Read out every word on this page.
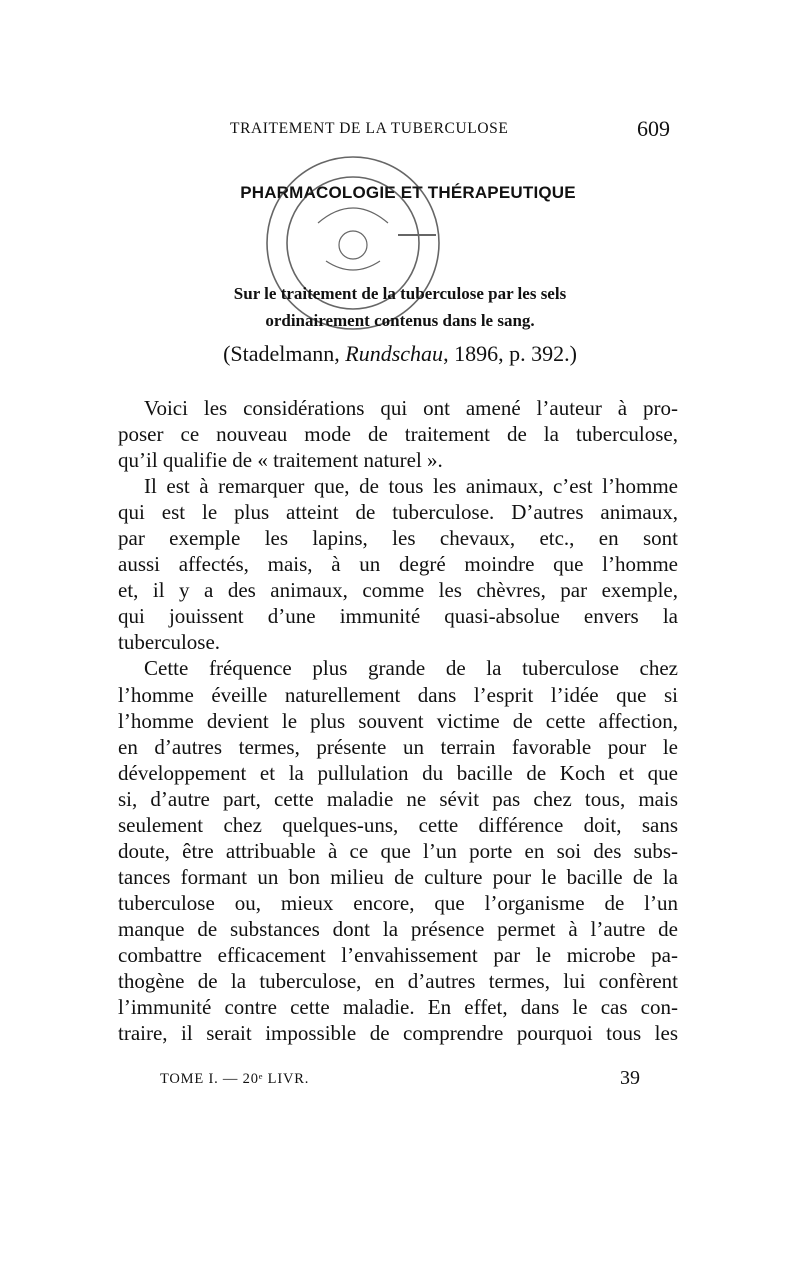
TRAITEMENT DE LA TUBERCULOSE	609
PHARMACOLOGIE ET THÉRAPEUTIQUE
Sur le traitement de la tuberculose par les sels
ordinairement contenus dans le sang.
(Stadelmann, Rundschau, 1896, p. 392.)
Voici les considérations qui ont amené l’auteur à pro-
poser ce nouveau mode de traitement de la tuberculose,
qu’il qualifie de « traitement naturel ».
Il est à remarquer que, de tous les animaux, c’est l’homme
qui est le plus atteint de tuberculose. D’autres animaux,
par exemple les lapins, les chevaux, etc., en sont
aussi affectés, mais, à un degré moindre que l’homme
et, il y a des animaux, comme les chèvres, par exemple,
qui jouissent d’une immunité quasi-absolue envers la
tuberculose.
Cette fréquence plus grande de la tuberculose chez
l’homme éveille naturellement dans l’esprit l’idée que si
l’homme devient le plus souvent victime de cette affection,
en d’autres termes, présente un terrain favorable pour le
développement et la pullulation du bacille de Koch et que
si, d’autre part, cette maladie ne sévit pas chez tous, mais
seulement chez quelques-uns, cette différence doit, sans
doute, être attribuable à ce que l’un porte en soi des subs-
tances formant un bon milieu de culture pour le bacille de la
tuberculose ou, mieux encore, que l’organisme de l’un
manque de substances dont la présence permet à l’autre de
combattre efficacement l’envahissement par le microbe pa-
thogène de la tuberculose, en d’autres termes, lui confèrent
l’immunité contre cette maladie. En effet, dans le cas con-
traire, il serait impossible de comprendre pourquoi tous les
TOME I. — 20ᵉ LIVR.	39
